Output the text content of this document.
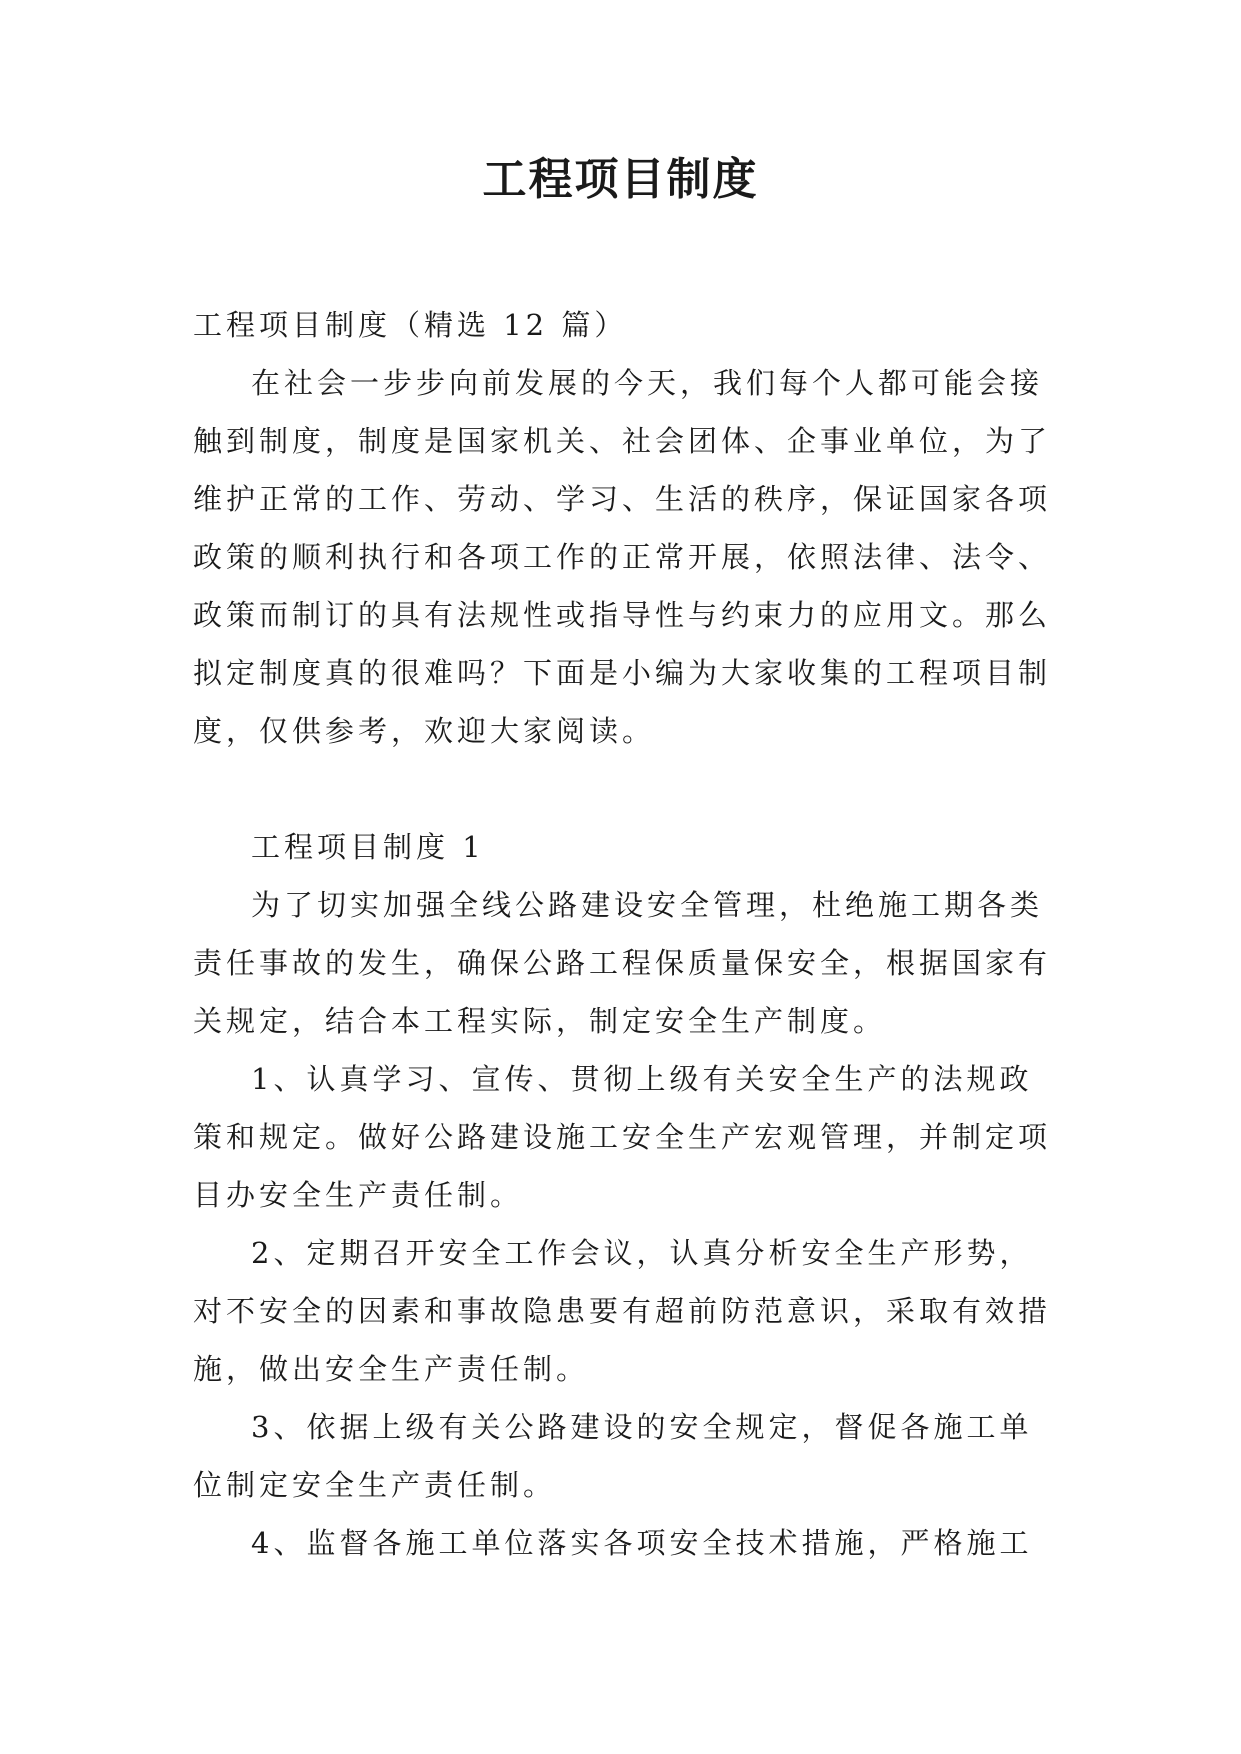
工程项目制度

工程项目制度（精选 12 篇）

在社会一步步向前发展的今天，我们每个人都可能会接触到制度，制度是国家机关、社会团体、企事业单位，为了维护正常的工作、劳动、学习、生活的秩序，保证国家各项政策的顺利执行和各项工作的正常开展，依照法律、法令、政策而制订的具有法规性或指导性与约束力的应用文。那么拟定制度真的很难吗？下面是小编为大家收集的工程项目制度，仅供参考，欢迎大家阅读。

工程项目制度 1

为了切实加强全线公路建设安全管理，杜绝施工期各类责任事故的发生，确保公路工程保质量保安全，根据国家有关规定，结合本工程实际，制定安全生产制度。

1、认真学习、宣传、贯彻上级有关安全生产的法规政策和规定。做好公路建设施工安全生产宏观管理，并制定项目办安全生产责任制。

2、定期召开安全工作会议，认真分析安全生产形势，对不安全的因素和事故隐患要有超前防范意识，采取有效措施，做出安全生产责任制。

3、依据上级有关公路建设的安全规定，督促各施工单位制定安全生产责任制。

4、监督各施工单位落实各项安全技术措施，严格施工
